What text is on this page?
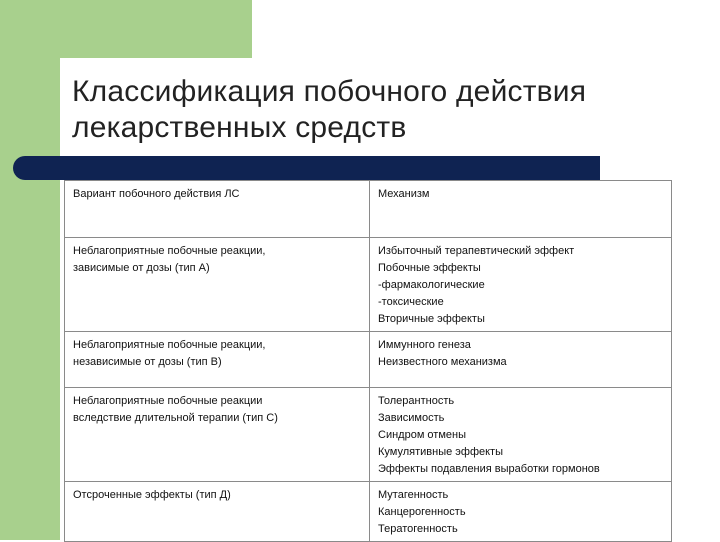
Классификация побочного действия
лекарственных средств
Вариант побочного действия ЛС	Механизм

Неблагоприятные побочные реакции,
зависимые от дозы (тип А)	Избыточный терапевтический эффект
Побочные эффекты
-фармакологические
-токсические
Вторичные эффекты

Неблагоприятные побочные реакции,
независимые от дозы (тип В)	Иммунного генеза
Неизвестного механизма

Неблагоприятные побочные реакции
вследствие длительной терапии (тип С)	Толерантность
Зависимость
Синдром отмены
Кумулятивные эффекты
Эффекты подавления выработки гормонов

Отсроченные эффекты (тип Д)	Мутагенность
Канцерогенность
Тератогенность
